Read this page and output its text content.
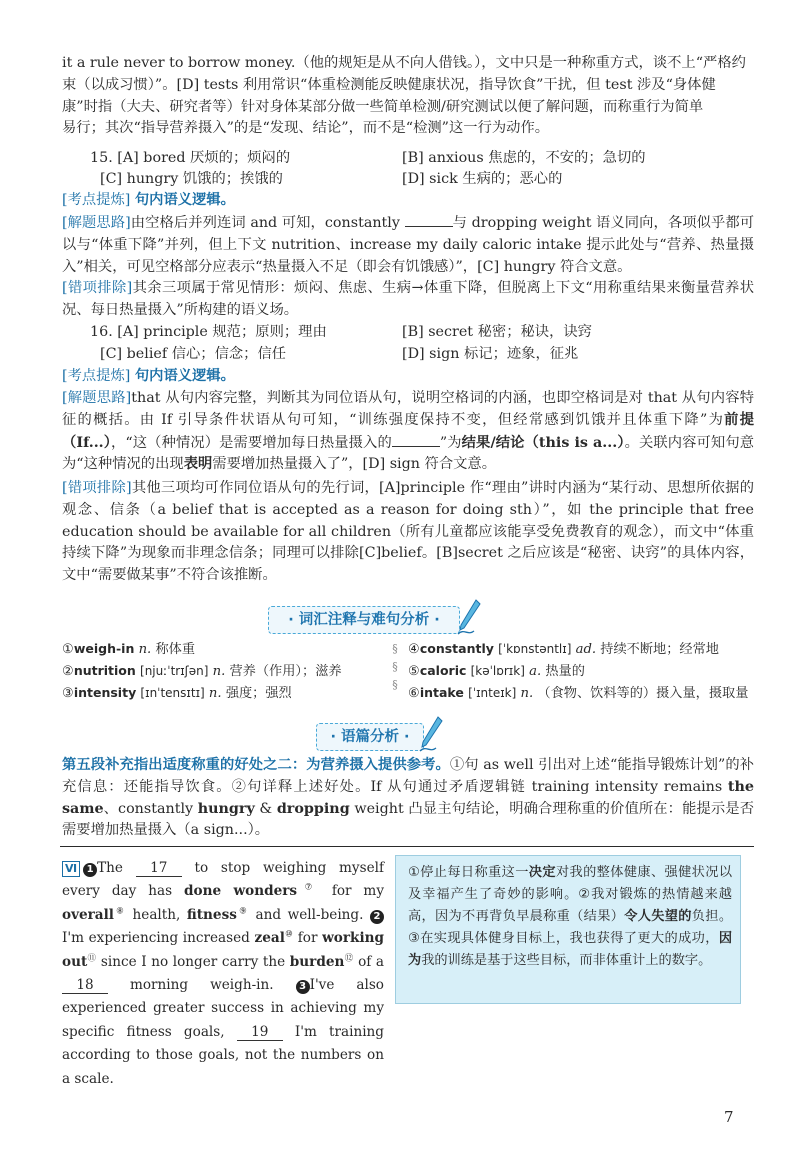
it a rule never to borrow money.（他的规矩是从不向人借钱。），文中只是一种称重方式，谈不上“严格约
束（以成习惯）”。[D] tests 利用常识“体重检测能反映健康状况，指导饮食”干扰，但 test 涉及“身体健
康”时指（大夫、研究者等）针对身体某部分做一些简单检测/研究测试以便了解问题，而称重行为简单
易行；其次“指导营养摄入”的是“发现、结论”，而不是“检测”这一行为动作。
15. [A] bored 厌烦的；烦闷的	[B] anxious 焦虑的，不安的；急切的
[C] hungry 饥饿的；挨饿的	[D] sick 生病的；恶心的
[考点提炼] 句内语义逻辑。
[解题思路]由空格后并列连词 and 可知，constantly	与 dropping weight 语义同向，各项似乎都可以与“体重下降”并列，但上下文 nutrition、increase my daily caloric intake 提示此处与“营养、热量摄入”相关，可见空格部分应表示“热量摄入不足（即会有饥饿感）”，[C] hungry 符合文意。
[错项排除]其余三项属于常见情形：烦闷、焦虑、生病→体重下降，但脱离上下文“用称重结果来衡量营养状况、每日热量摄入”所构建的语义场。
16. [A] principle 规范；原则；理由	[B] secret 秘密；秘诀，诀窍
[C] belief 信心；信念；信任	[D] sign 标记；迹象，征兆
[考点提炼] 句内语义逻辑。
[解题思路]that 从句内容完整，判断其为同位语从句，说明空格词的内涵，也即空格词是对 that 从句内容特征的概括。由 If 引导条件状语从句可知，“训练强度保持不变，但经常感到饥饿并且体重下降”为前提（If...），“这（种情况）是需要增加每日热量摄入的	”为结果/结论（this is a...）。关联内容可知句意为“这种情况的出现表明需要增加热量摄入了”，[D] sign 符合文意。
[错项排除]其他三项均可作同位语从句的先行词，[A]principle 作“理由”讲时内涵为“某行动、思想所依据的观念、信条（a belief that is accepted as a reason for doing sth）”，如 the principle that free education should be available for all children（所有儿童都应该能享受免费教育的观念），而文中“体重持续下降”为现象而非理念信条；同理可以排除[C]belief。[B]secret 之后应该是“秘密、诀窍”的具体内容，文中“需要做某事”不符合该推断。
· 词汇注释与难句分析 ·
①weigh-in n. 称体重
②nutrition [njuːˈtrɪʃən] n. 营养（作用）；滋养
③intensity [ɪnˈtensɪtɪ] n. 强度；强烈
§
§
§
④constantly [ˈkɒnstəntlɪ] ad. 持续不断地；经常地
⑤caloric [kəˈlɒrɪk] a. 热量的
⑥intake [ˈɪnteɪk] n. （食物、饮料等的）摄入量，摄取量
· 语篇分析 ·
第五段补充指出适度称重的好处之二：为营养摄入提供参考。①句 as well 引出对上述“能指导锻炼计划”的补充信息：还能指导饮食。②句详释上述好处。If 从句通过矛盾逻辑链 training intensity remains the same、constantly hungry & dropping weight 凸显主句结论，明确合理称重的价值所在：能提示是否需要增加热量摄入（a sign...）。
Ⅵ 1 The 17 to stop weighing myself every day has done wonders⑦ for my overall⑧ health, fitness⑨ and well-being. 2I'm experiencing increased zeal⑩ for working out⑪ since I no longer carry the burden⑫ of a 18	morning weigh-in.	3 I've also experienced greater success in achieving my specific fitness goals, 19 I'm training according to those goals, not the numbers on a scale.
①停止每日称重这一决定对我的整体健康、强健状况以及幸福产生了奇妙的影响。②我对锻炼的热情越来越高，因为不再背负早晨称重（结果）令人失望的负担。③在实现具体健身目标上，我也获得了更大的成功，因为我的训练是基于这些目标，而非体重计上的数字。
7
